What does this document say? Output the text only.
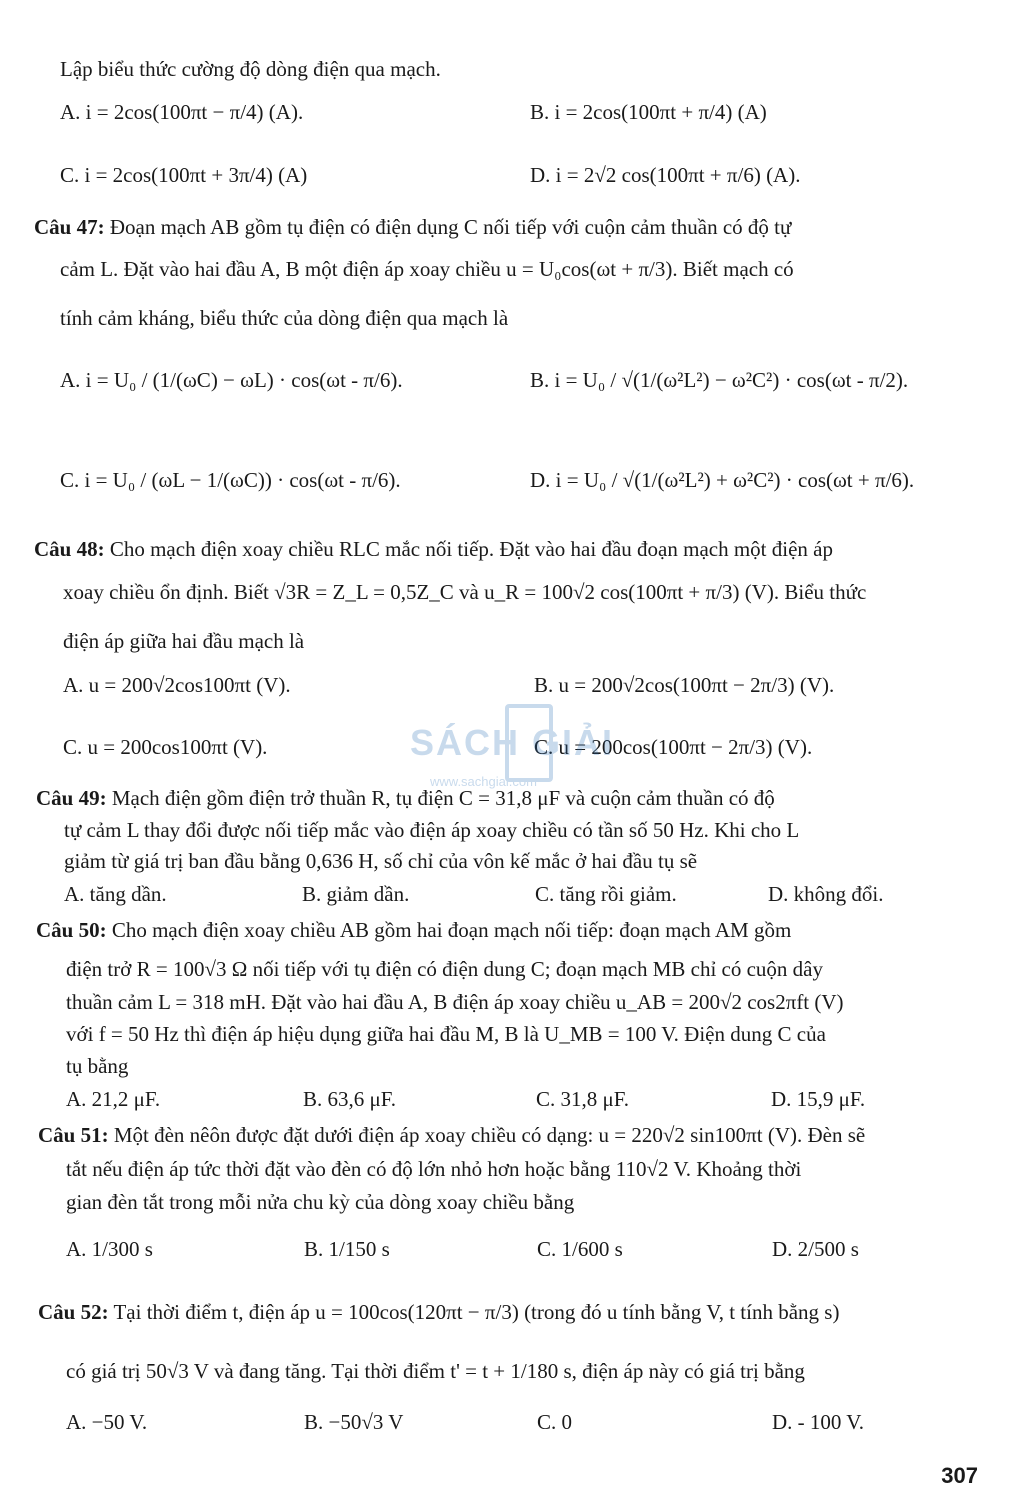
Lập biểu thức cường độ dòng điện qua mạch.
A. i = 2cos(100πt − π/4) (A).	B. i = 2cos(100πt + π/4) (A)
C. i = 2cos(100πt + 3π/4) (A)	D. i = 2√2 cos(100πt + π/6) (A).
Câu 47: Đoạn mạch AB gồm tụ điện có điện dụng C nối tiếp với cuộn cảm thuần có độ tự
cảm L. Đặt vào hai đầu A, B một điện áp xoay chiều u = U₀cos(ωt + π/3). Biết mạch có
tính cảm kháng, biểu thức của dòng điện qua mạch là
A. i = U₀ / (1/(ωC) − ωL) · cos(ωt - π/6).	B. i = U₀ / √(1/(ω²L²) − ω²C²) · cos(ωt - π/2).
C. i = U₀ / (ωL − 1/(ωC)) · cos(ωt - π/6).	D. i = U₀ / √(1/(ω²L²) + ω²C²) · cos(ωt + π/6).
Câu 48: Cho mạch điện xoay chiều RLC mắc nối tiếp. Đặt vào hai đầu đoạn mạch một điện áp
xoay chiều ổn định. Biết √3R = Z_L = 0,5Z_C và u_R = 100√2 cos(100πt + π/3) (V). Biểu thức
điện áp giữa hai đầu mạch là
A. u = 200√2cos100πt (V).	B. u = 200√2cos(100πt − 2π/3) (V).
C. u = 200cos100πt (V).	C. u = 200cos(100πt − 2π/3) (V).
SÁCH GIẢI
www.sachgiai.com
Câu 49: Mạch điện gồm điện trở thuần R, tụ điện C = 31,8 μF và cuộn cảm thuần có độ
tự cảm L thay đổi được nối tiếp mắc vào điện áp xoay chiều có tần số 50 Hz. Khi cho L
giảm từ giá trị ban đầu bằng 0,636 H, số chỉ của vôn kế mắc ở hai đầu tụ sẽ
A. tăng dần.	B. giảm dần.	C. tăng rồi giảm.	D. không đổi.
Câu 50: Cho mạch điện xoay chiều AB gồm hai đoạn mạch nối tiếp: đoạn mạch AM gồm
điện trở R = 100√3 Ω nối tiếp với tụ điện có điện dung C; đoạn mạch MB chỉ có cuộn dây
thuần cảm L = 318 mH. Đặt vào hai đầu A, B điện áp xoay chiều u_AB = 200√2 cos2πft (V)
với f = 50 Hz thì điện áp hiệu dụng giữa hai đầu M, B là U_MB = 100 V. Điện dung C của
tụ bằng
A. 21,2 μF.	B. 63,6 μF.	C. 31,8 μF.	D. 15,9 μF.
Câu 51: Một đèn nêôn được đặt dưới điện áp xoay chiều có dạng: u = 220√2 sin100πt (V). Đèn sẽ
tắt nếu điện áp tức thời đặt vào đèn có độ lớn nhỏ hơn hoặc bằng 110√2 V. Khoảng thời
gian đèn tắt trong mỗi nửa chu kỳ của dòng xoay chiều bằng
A. 1/300 s	B. 1/150 s	C. 1/600 s	D. 2/500 s
Câu 52: Tại thời điểm t, điện áp u = 100cos(120πt − π/3) (trong đó u tính bằng V, t tính bằng s)
có giá trị 50√3 V và đang tăng. Tại thời điểm t' = t + 1/180 s, điện áp này có giá trị bằng
A. −50 V.	B. −50√3 V	C. 0	D. - 100 V.
307
